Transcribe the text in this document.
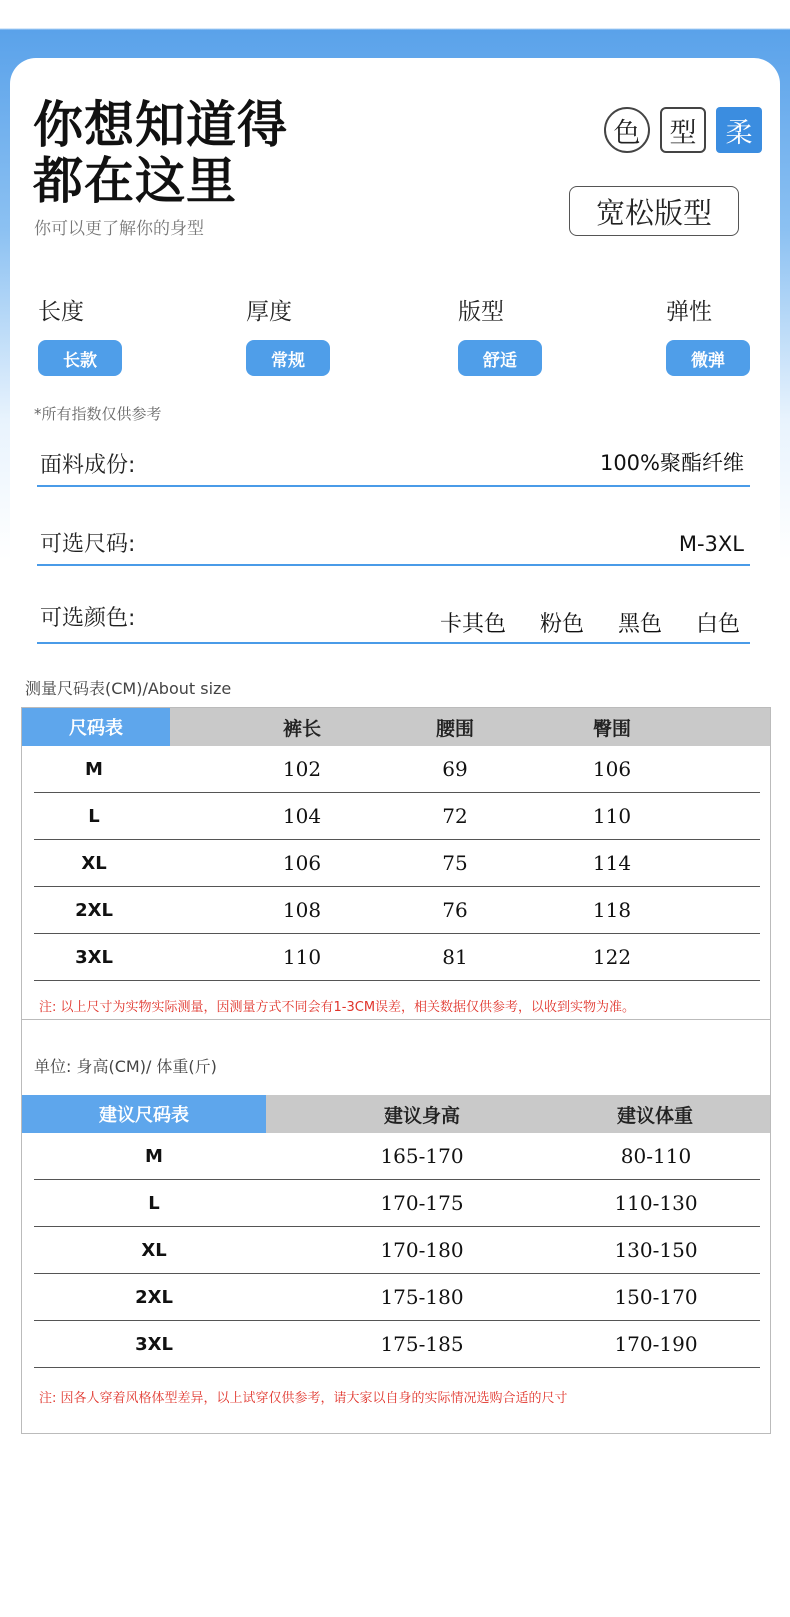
你想知道得
都在这里
你可以更了解你的身型
色	型	柔
宽松版型
长度
长款
厚度
常规
版型
舒适
弹性
微弹
*所有指数仅供参考
面料成份:	100%聚酯纤维
可选尺码:	M-3XL
可选颜色:	卡其色 粉色 黑色 白色
测量尺码表(CM)/About size
尺码表	裤长	腰围	臀围
M	102	69	106
L	104	72	110
XL	106	75	114
2XL	108	76	118
3XL	110	81	122
注: 以上尺寸为实物实际测量，因测量方式不同会有1-3CM误差，相关数据仅供参考，以收到实物为准。
单位: 身高(CM)/ 体重(斤)
建议尺码表	建议身高	建议体重
M	165-170	80-110
L	170-175	110-130
XL	170-180	130-150
2XL	175-180	150-170
3XL	175-185	170-190
注: 因各人穿着风格体型差异，以上试穿仅供参考，请大家以自身的实际情况选购合适的尺寸
